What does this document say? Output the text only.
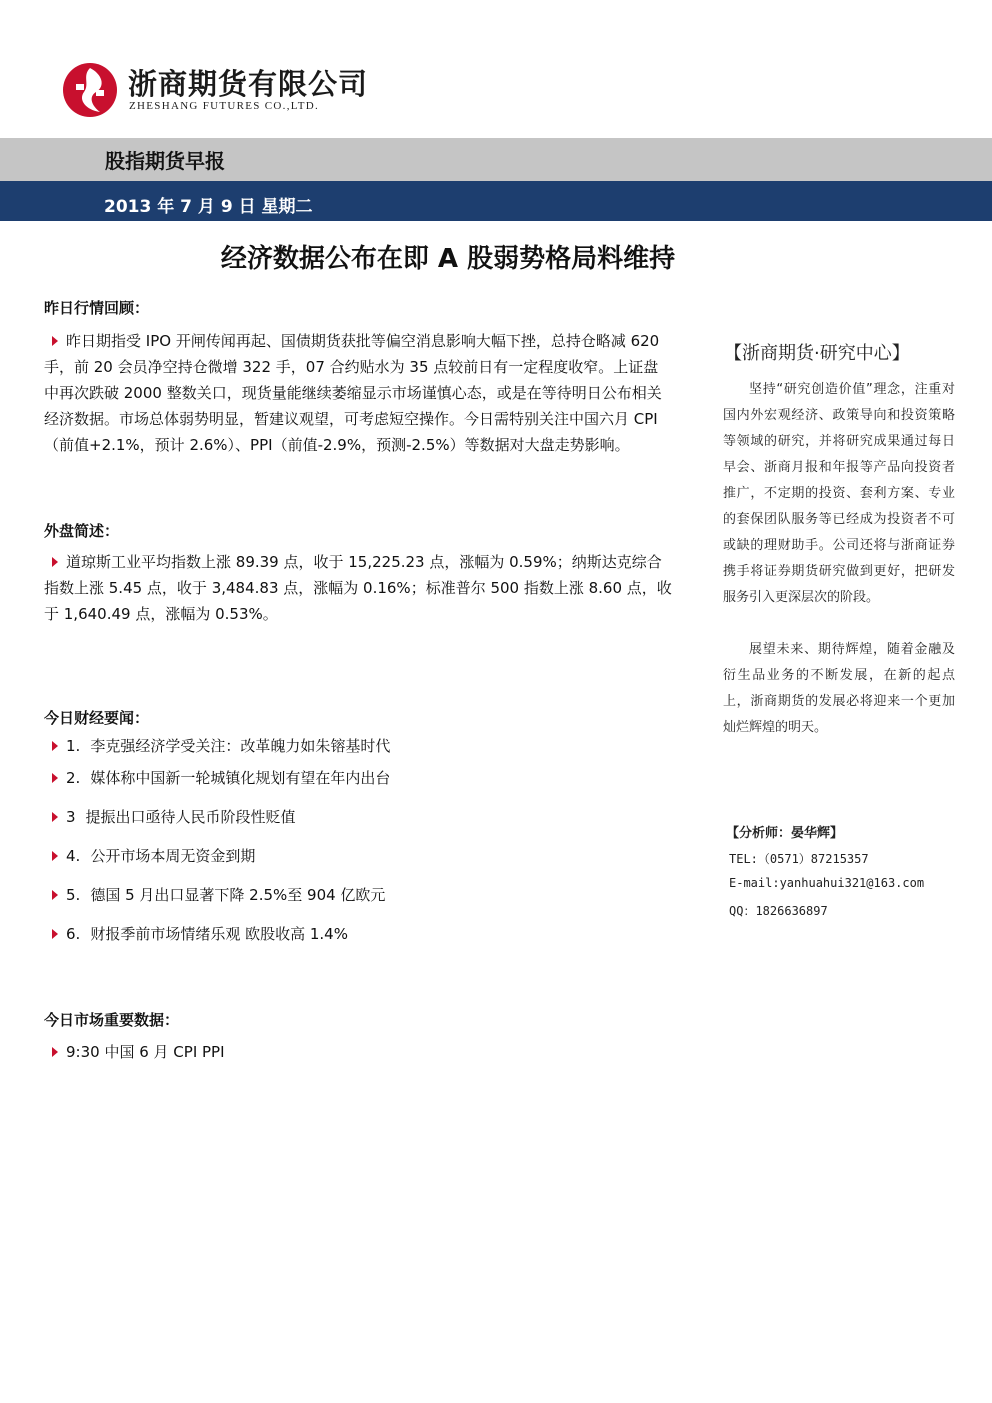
浙商期货有限公司
ZHESHANG FUTURES CO.,LTD.
股指期货早报
2013 年 7 月 9 日 星期二
经济数据公布在即 A 股弱势格局料维持
昨日行情回顾：

昨日期指受 IPO 开闸传闻再起、国债期货获批等偏空消息影响大幅下挫，总持仓略减 620 手，前 20 会员净空持仓微增 322 手，07 合约贴水为 35 点较前日有一定程度收窄。上证盘中再次跌破 2000 整数关口，现货量能继续萎缩显示市场谨慎心态，或是在等待明日公布相关经济数据。市场总体弱势明显，暂建议观望，可考虑短空操作。今日需特别关注中国六月 CPI（前值+2.1%，预计 2.6%）、PPI（前值-2.9%，预测-2.5%）等数据对大盘走势影响。

外盘简述：

道琼斯工业平均指数上涨 89.39 点，收于 15,225.23 点，涨幅为 0.59%；纳斯达克综合指数上涨 5.45 点，收于 3,484.83 点，涨幅为 0.16%；标准普尔 500 指数上涨 8.60 点，收于 1,640.49 点，涨幅为 0.53%。

今日财经要闻：
1. 李克强经济学受关注：改革魄力如朱镕基时代
2. 媒体称中国新一轮城镇化规划有望在年内出台
3 提振出口亟待人民币阶段性贬值
4. 公开市场本周无资金到期
5. 德国 5 月出口显著下降 2.5%至 904 亿欧元
6. 财报季前市场情绪乐观 欧股收高 1.4%
今日市场重要数据：
9:30 中国 6 月 CPI PPI
【浙商期货·研究中心】

坚持“研究创造价值”理念，注重对国内外宏观经济、政策导向和投资策略等领域的研究，并将研究成果通过每日早会、浙商月报和年报等产品向投资者推广，不定期的投资、套利方案、专业的套保团队服务等已经成为投资者不可或缺的理财助手。公司还将与浙商证券携手将证券期货研究做到更好，把研发服务引入更深层次的阶段。

展望未来、期待辉煌，随着金融及衍生品业务的不断发展，在新的起点上，浙商期货的发展必将迎来一个更加灿烂辉煌的明天。

【分析师：晏华辉】
TEL:（0571）87215357
E-mail:yanhuahui321@163.com
QQ：1826636897
